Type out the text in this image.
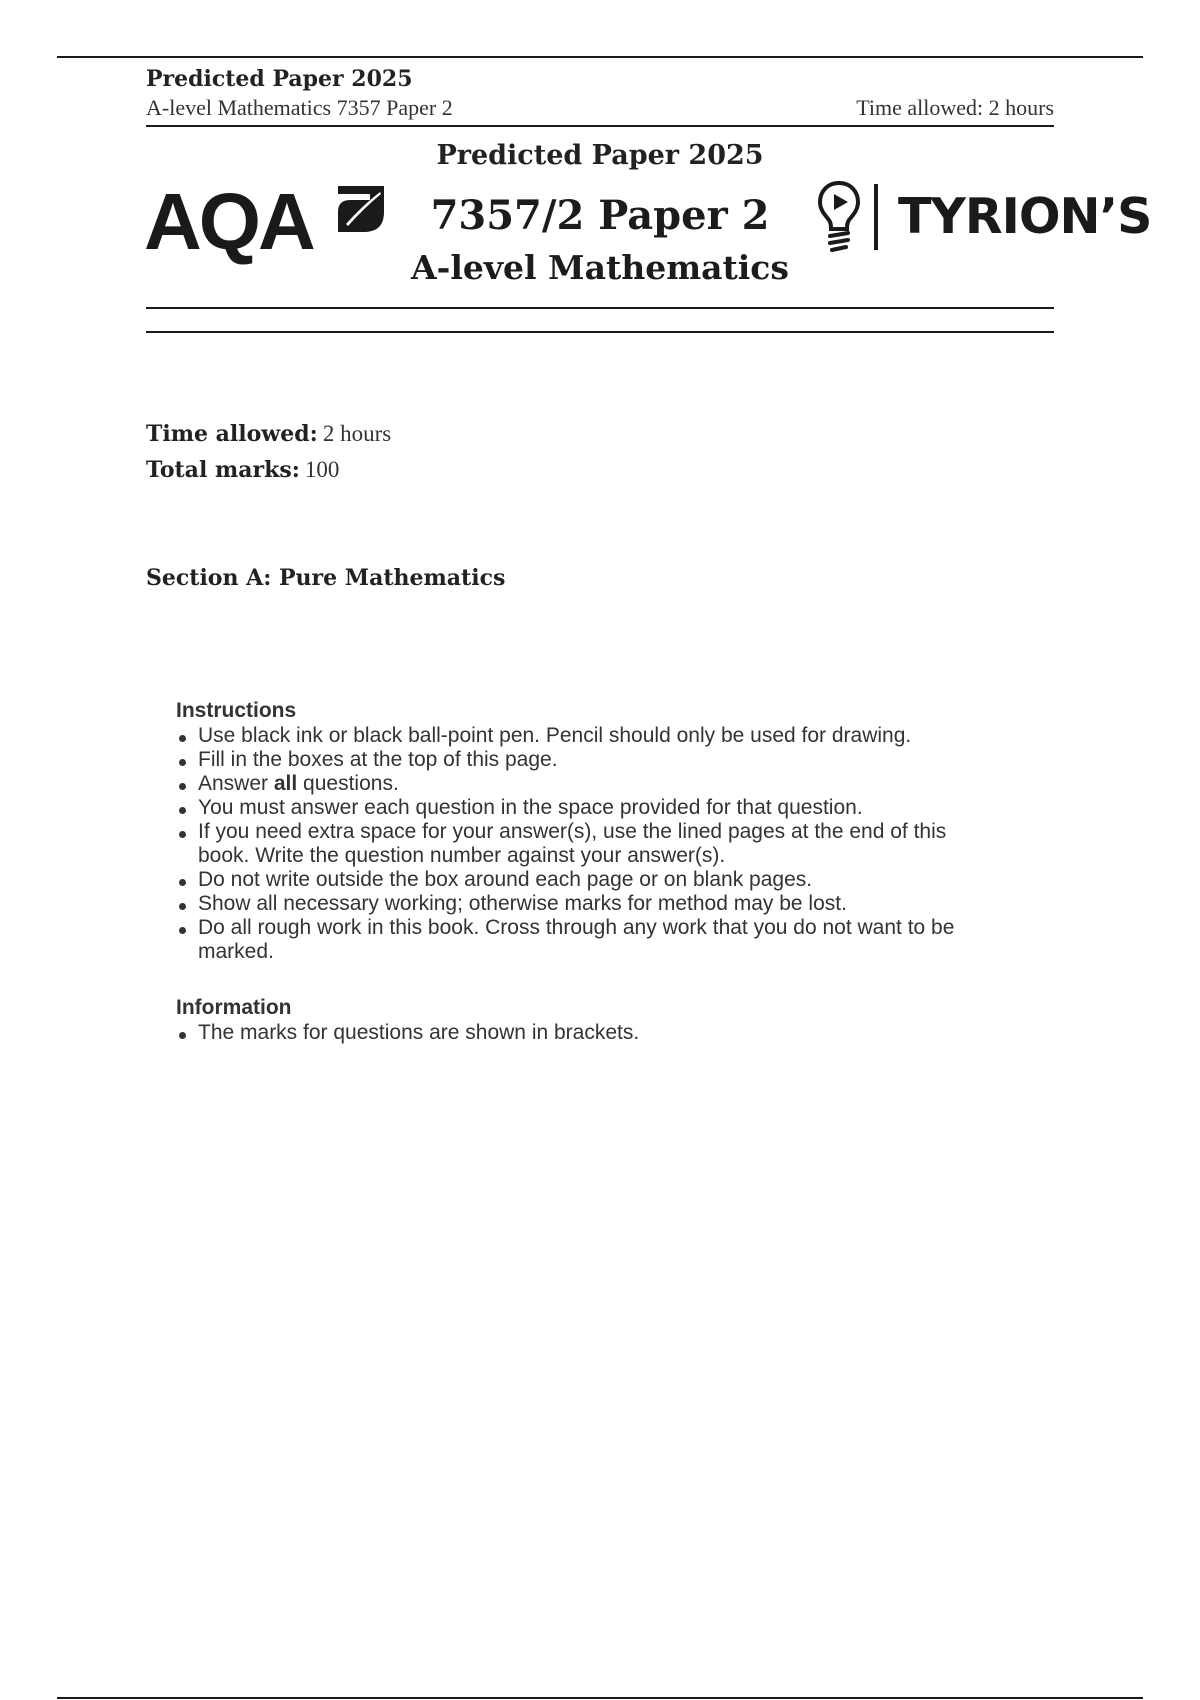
Predicted Paper 2025
A-level Mathematics 7357 Paper 2	Time allowed: 2 hours
AQA
Predicted Paper 2025
7357/2 Paper 2
A-level Mathematics
TYRION’S
Time allowed: 2 hours
Total marks: 100
Section A: Pure Mathematics
Instructions
Use black ink or black ball-point pen. Pencil should only be used for drawing.
Fill in the boxes at the top of this page.
Answer all questions.
You must answer each question in the space provided for that question.
If you need extra space for your answer(s), use the lined pages at the end of this book. Write the question number against your answer(s).
Do not write outside the box around each page or on blank pages.
Show all necessary working; otherwise marks for method may be lost.
Do all rough work in this book. Cross through any work that you do not want to be marked.
Information
The marks for questions are shown in brackets.
